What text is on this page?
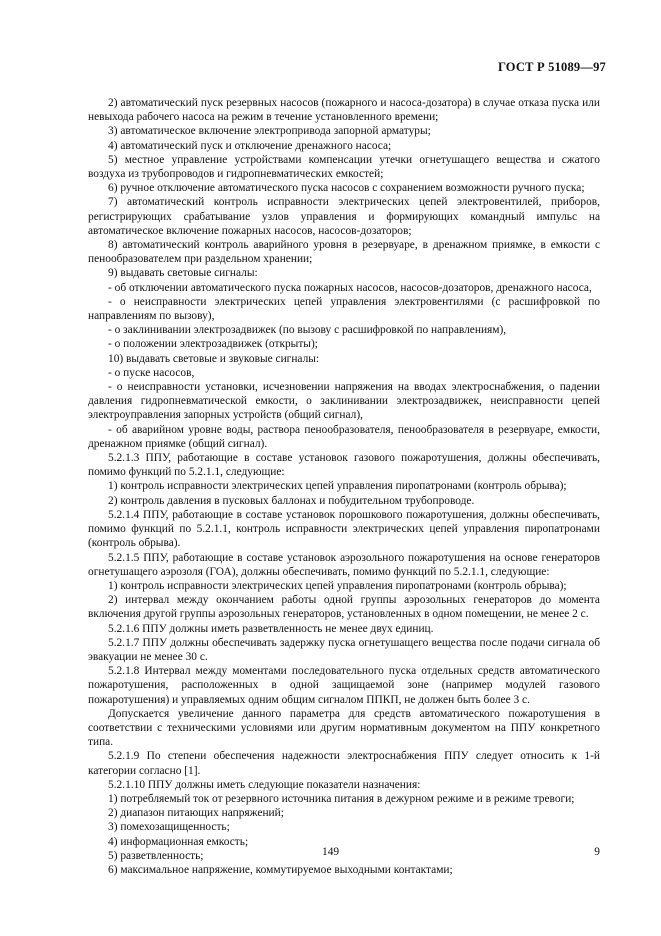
ГОСТ Р 51089—97

2) автоматический пуск резервных насосов (пожарного и насоса-дозатора) в случае отказа пуска или невыхода рабочего насоса на режим в течение установленного времени;

3) автоматическое включение электропривода запорной арматуры;

4) автоматический пуск и отключение дренажного насоса;

5) местное управление устройствами компенсации утечки огнетушащего вещества и сжатого воздуха из трубопроводов и гидропневматических емкостей;

6) ручное отключение автоматического пуска насосов с сохранением возможности ручного пуска;

7) автоматический контроль исправности электрических цепей электровентилей, приборов, регистрирующих срабатывание узлов управления и формирующих командный импульс на автоматическое включение пожарных насосов, насосов-дозаторов;

8) автоматический контроль аварийного уровня в резервуаре, в дренажном приямке, в емкости с пенообразователем при раздельном хранении;

9) выдавать световые сигналы:

- об отключении автоматического пуска пожарных насосов, насосов-дозаторов, дренажного насоса,

- о неисправности электрических цепей управления электровентилями (с расшифровкой по направлениям по вызову),

- о заклинивании электрозадвижек (по вызову с расшифровкой по направлениям),

- о положении электрозадвижек (открыты);

10) выдавать световые и звуковые сигналы:

- о пуске насосов,

- о неисправности установки, исчезновении напряжения на вводах электроснабжения, о падении давления гидропневматической емкости, о заклинивании электрозадвижек, неисправности цепей электроуправления запорных устройств (общий сигнал),

- об аварийном уровне воды, раствора пенообразователя, пенообразователя в резервуаре, емкости, дренажном приямке (общий сигнал).

5.2.1.3 ППУ, работающие в составе установок газового пожаротушения, должны обеспечивать, помимо функций по 5.2.1.1, следующие:

1) контроль исправности электрических цепей управления пиропатронами (контроль обрыва);

2) контроль давления в пусковых баллонах и побудительном трубопроводе.

5.2.1.4 ППУ, работающие в составе установок порошкового пожаротушения, должны обеспечивать, помимо функций по 5.2.1.1, контроль исправности электрических цепей управления пиропатронами (контроль обрыва).

5.2.1.5 ППУ, работающие в составе установок аэрозольного пожаротушения на основе генераторов огнетушащего аэрозоля (ГОА), должны обеспечивать, помимо функций по 5.2.1.1, следующие:

1) контроль исправности электрических цепей управления пиропатронами (контроль обрыва);

2) интервал между окончанием работы одной группы аэрозольных генераторов до момента включения другой группы аэрозольных генераторов, установленных в одном помещении, не менее 2 с.

5.2.1.6 ППУ должны иметь разветвленность не менее двух единиц.

5.2.1.7 ППУ должны обеспечивать задержку пуска огнетушащего вещества после подачи сигнала об эвакуации не менее 30 с.

5.2.1.8 Интервал между моментами последовательного пуска отдельных средств автоматического пожаротушения, расположенных в одной защищаемой зоне (например модулей газового пожаротушения) и управляемых одним общим сигналом ППКП, не должен быть более 3 с.

Допускается увеличение данного параметра для средств автоматического пожаротушения в соответствии с техническими условиями или другим нормативным документом на ППУ конкретного типа.

5.2.1.9 По степени обеспечения надежности электроснабжения ППУ следует относить к 1-й категории согласно [1].

5.2.1.10 ППУ должны иметь следующие показатели назначения:

1) потребляемый ток от резервного источника питания в дежурном режиме и в режиме тревоги;

2) диапазон питающих напряжений;

3) помехозащищенность;

4) информационная емкость;

5) разветвленность;

6) максимальное напряжение, коммутируемое выходными контактами;

149	9
